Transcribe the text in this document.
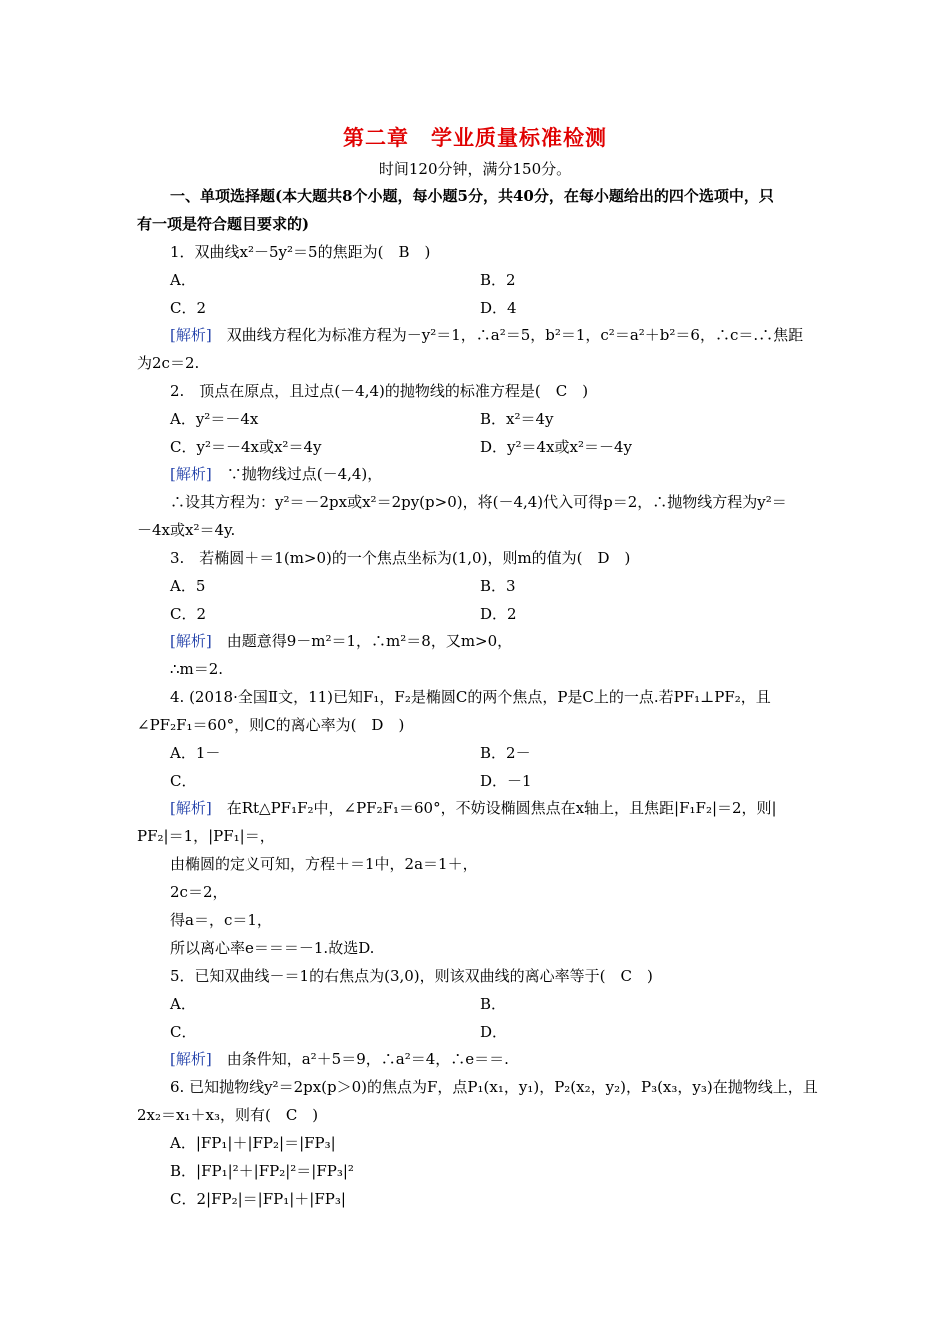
第二章　学业质量标准检测
时间120分钟，满分150分。
一、单项选择题(本大题共8个小题，每小题5分，共40分，在每小题给出的四个选项中，只
有一项是符合题目要求的)
1．双曲线x²－5y²＝5的焦距为(　B　)
A．	B．2
C．2	D．4
[解析]　双曲线方程化为标准方程为－y²＝1，∴a²＝5，b²＝1，c²＝a²＋b²＝6，∴c＝.∴焦距
为2c＝2.
2.　顶点在原点，且过点(－4,4)的抛物线的标准方程是(　C　)
A．y²＝－4x	B．x²＝4y
C．y²＝－4x或x²＝4y	D．y²＝4x或x²＝－4y
[解析]　∵抛物线过点(－4,4)，
∴设其方程为：y²＝－2px或x²＝2py(p>0)，将(－4,4)代入可得p＝2，∴抛物线方程为y²＝
－4x或x²＝4y.
3.　若椭圆＋＝1(m>0)的一个焦点坐标为(1,0)，则m的值为(　D　)
A．5	B．3
C．2	D．2
[解析]　由题意得9－m²＝1，∴m²＝8，又m>0，
∴m＝2.
4. (2018·全国Ⅱ文，11)已知F₁，F₂是椭圆C的两个焦点，P是C上的一点.若PF₁⊥PF₂，且
∠PF₂F₁＝60°，则C的离心率为(　D　)
A．1－	B．2－
C．	D．－1
[解析]　在Rt△PF₁F₂中，∠PF₂F₁＝60°，不妨设椭圆焦点在x轴上，且焦距|F₁F₂|＝2，则|
PF₂|＝1，|PF₁|＝，
由椭圆的定义可知，方程＋＝1中，2a＝1＋，
2c＝2，
得a＝，c＝1，
所以离心率e＝＝＝－1.故选D.
5．已知双曲线－＝1的右焦点为(3,0)，则该双曲线的离心率等于(　C　)
A．	B．
C．	D．
[解析]　由条件知，a²＋5＝9，∴a²＝4，∴e＝＝.
6. 已知抛物线y²＝2px(p＞0)的焦点为F，点P₁(x₁，y₁)，P₂(x₂，y₂)，P₃(x₃，y₃)在抛物线上，且
2x₂＝x₁＋x₃，则有(　C　)
A．|FP₁|＋|FP₂|＝|FP₃|
B．|FP₁|²＋|FP₂|²＝|FP₃|²
C．2|FP₂|＝|FP₁|＋|FP₃|
